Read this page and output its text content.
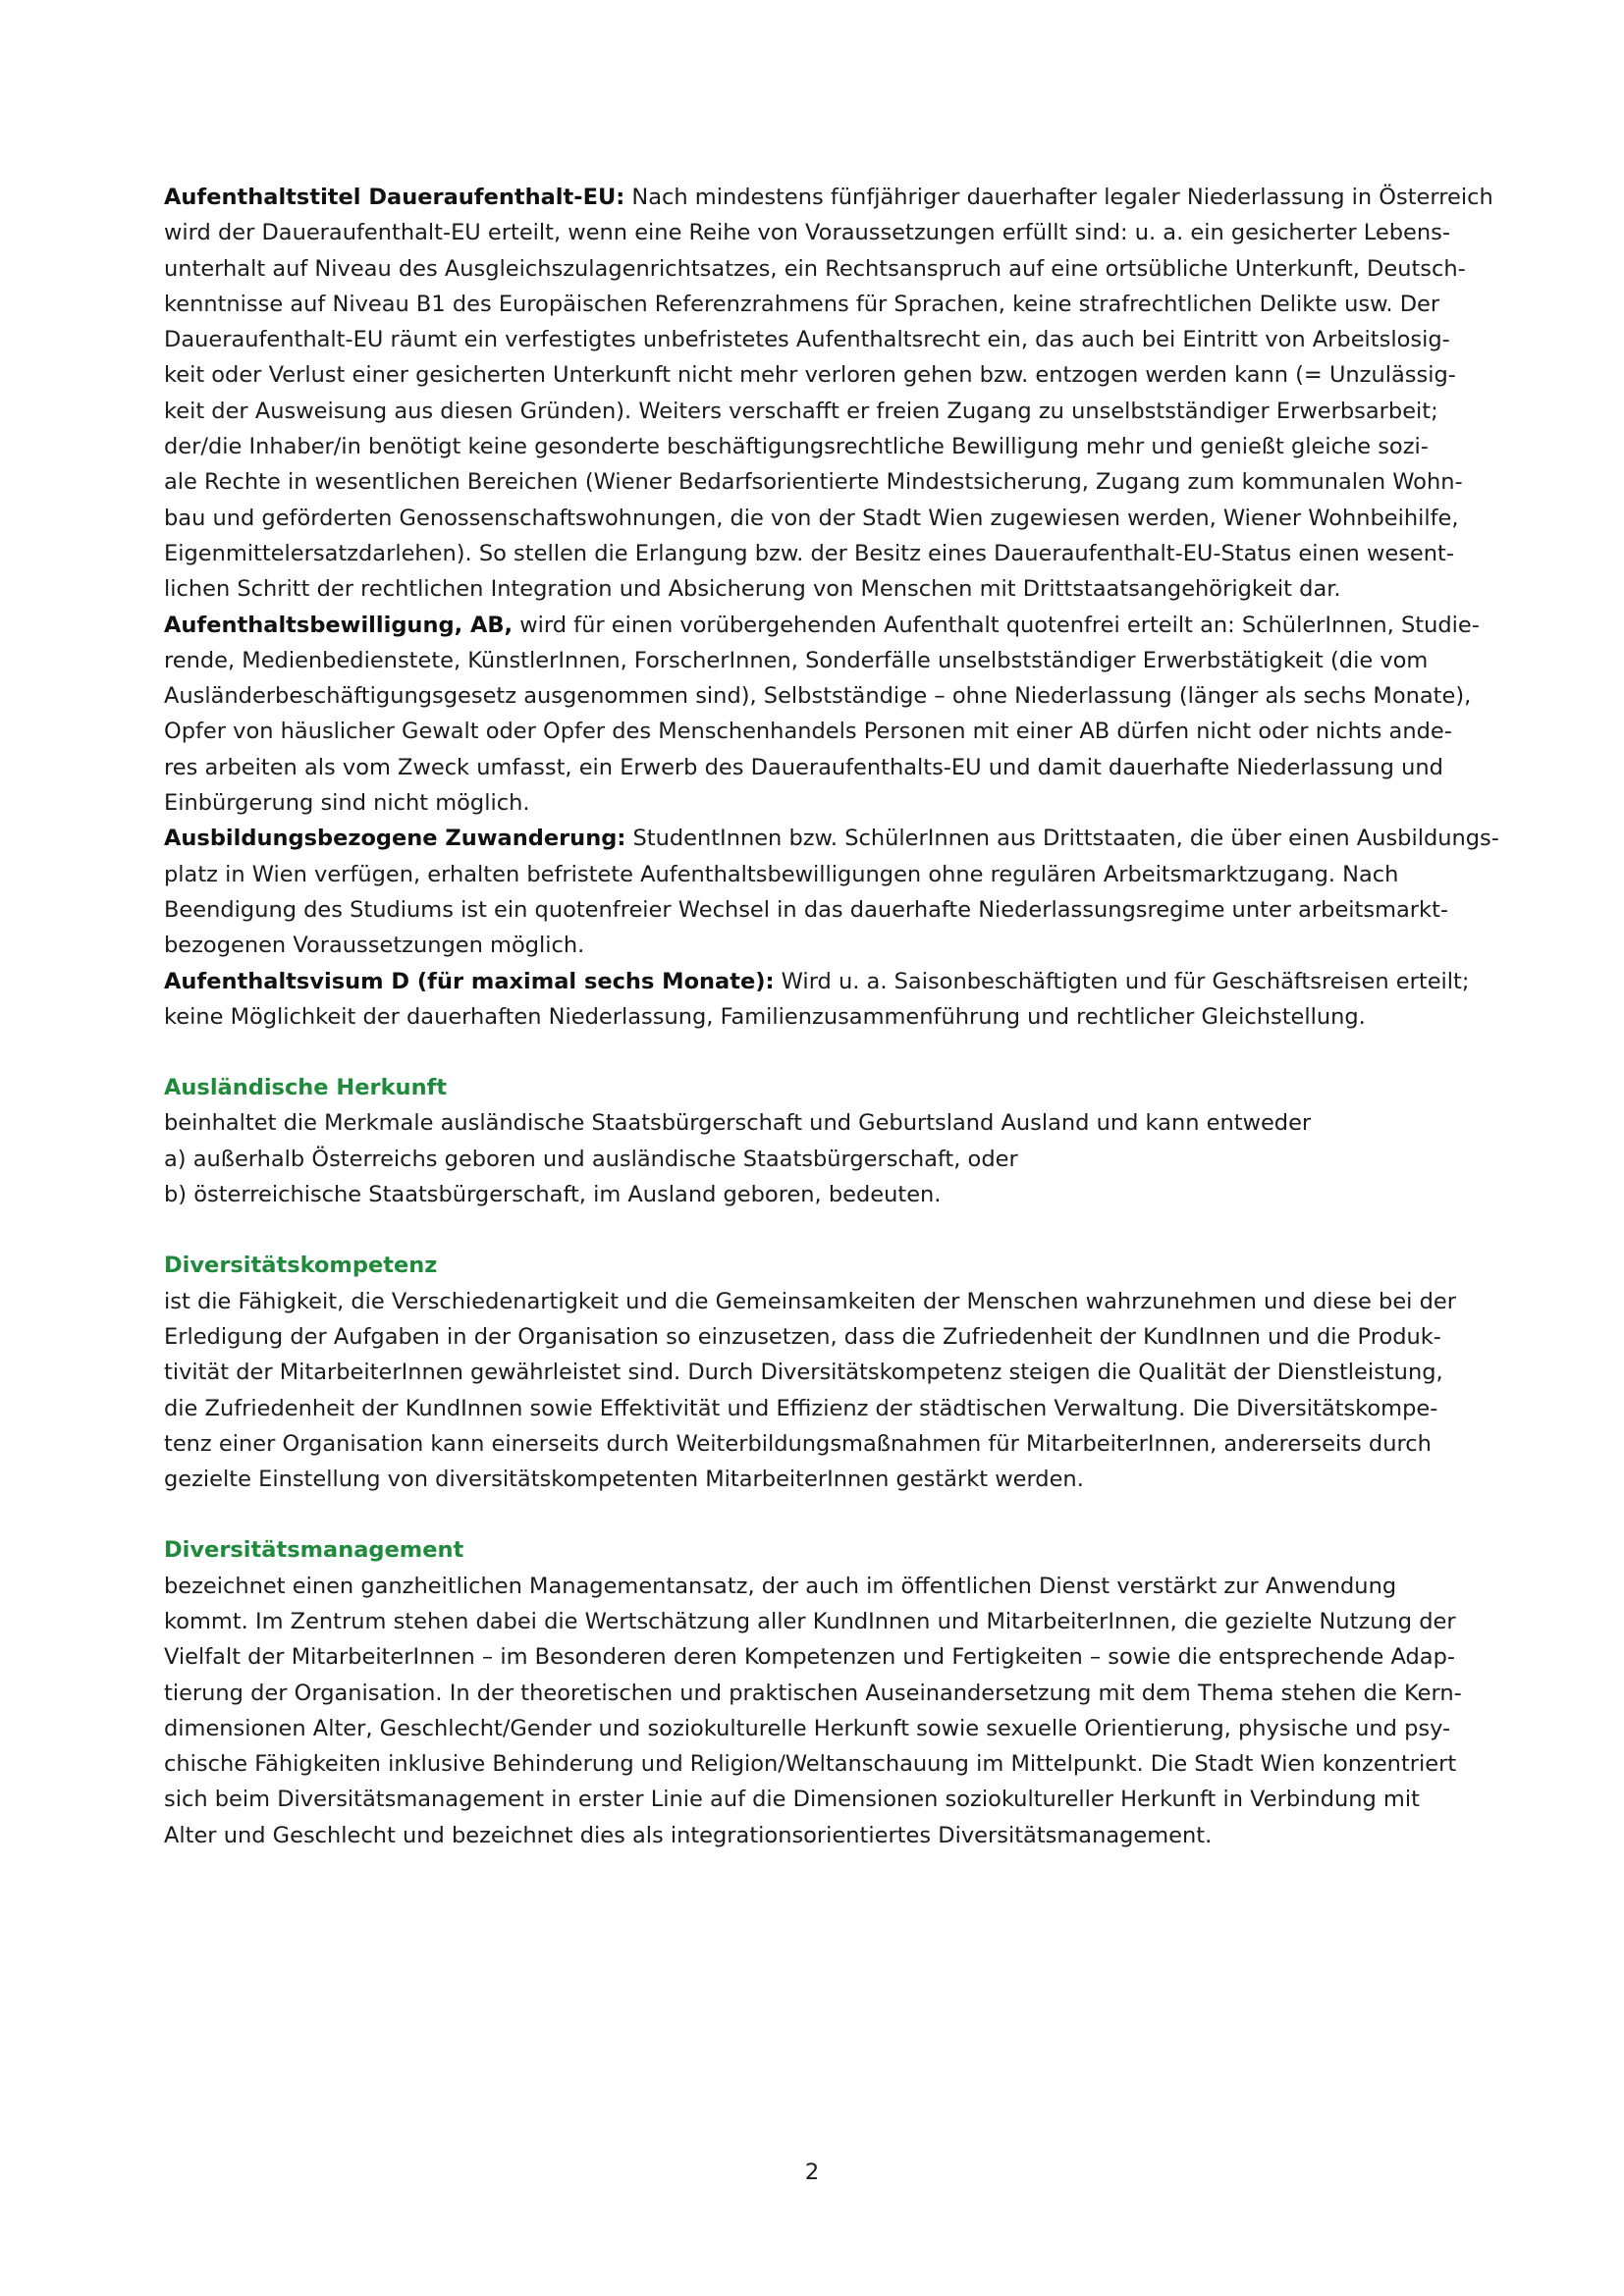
Aufenthaltstitel Daueraufenthalt-EU: Nach mindestens fünfjähriger dauerhafter legaler Niederlassung in Österreich
wird der Daueraufenthalt-EU erteilt, wenn eine Reihe von Voraussetzungen erfüllt sind: u. a. ein gesicherter Lebens-
unterhalt auf Niveau des Ausgleichszulagenrichtsatzes, ein Rechtsanspruch auf eine ortsübliche Unterkunft, Deutsch-
kenntnisse auf Niveau B1 des Europäischen Referenzrahmens für Sprachen, keine strafrechtlichen Delikte usw. Der
Daueraufenthalt-EU räumt ein verfestigtes unbefristetes Aufenthaltsrecht ein, das auch bei Eintritt von Arbeitslosig-
keit oder Verlust einer gesicherten Unterkunft nicht mehr verloren gehen bzw. entzogen werden kann (= Unzulässig-
keit der Ausweisung aus diesen Gründen). Weiters verschafft er freien Zugang zu unselbstständiger Erwerbsarbeit;
der/die Inhaber/in benötigt keine gesonderte beschäftigungsrechtliche Bewilligung mehr und genießt gleiche sozi-
ale Rechte in wesentlichen Bereichen (Wiener Bedarfsorientierte Mindestsicherung, Zugang zum kommunalen Wohn-
bau und geförderten Genossenschaftswohnungen, die von der Stadt Wien zugewiesen werden, Wiener Wohnbeihilfe,
Eigenmittelersatzdarlehen). So stellen die Erlangung bzw. der Besitz eines Daueraufenthalt-EU-Status einen wesent-
lichen Schritt der rechtlichen Integration und Absicherung von Menschen mit Drittstaatsangehörigkeit dar.
Aufenthaltsbewilligung, AB, wird für einen vorübergehenden Aufenthalt quotenfrei erteilt an: SchülerInnen, Studie-
rende, Medienbedienstete, KünstlerInnen, ForscherInnen, Sonderfälle unselbstständiger Erwerbstätigkeit (die vom
Ausländerbeschäftigungsgesetz ausgenommen sind), Selbstständige – ohne Niederlassung (länger als sechs Monate),
Opfer von häuslicher Gewalt oder Opfer des Menschenhandels Personen mit einer AB dürfen nicht oder nichts ande-
res arbeiten als vom Zweck umfasst, ein Erwerb des Daueraufenthalts-EU und damit dauerhafte Niederlassung und
Einbürgerung sind nicht möglich.
Ausbildungsbezogene Zuwanderung: StudentInnen bzw. SchülerInnen aus Drittstaaten, die über einen Ausbildungs-
platz in Wien verfügen, erhalten befristete Aufenthaltsbewilligungen ohne regulären Arbeitsmarktzugang. Nach
Beendigung des Studiums ist ein quotenfreier Wechsel in das dauerhafte Niederlassungsregime unter arbeitsmarkt-
bezogenen Voraussetzungen möglich.
Aufenthaltsvisum D (für maximal sechs Monate): Wird u. a. Saisonbeschäftigten und für Geschäftsreisen erteilt;
keine Möglichkeit der dauerhaften Niederlassung, Familienzusammenführung und rechtlicher Gleichstellung.
Ausländische Herkunft
beinhaltet die Merkmale ausländische Staatsbürgerschaft und Geburtsland Ausland und kann entweder
a) außerhalb Österreichs geboren und ausländische Staatsbürgerschaft, oder
b) österreichische Staatsbürgerschaft, im Ausland geboren, bedeuten.
Diversitätskompetenz
ist die Fähigkeit, die Verschiedenartigkeit und die Gemeinsamkeiten der Menschen wahrzunehmen und diese bei der
Erledigung der Aufgaben in der Organisation so einzusetzen, dass die Zufriedenheit der KundInnen und die Produk-
tivität der MitarbeiterInnen gewährleistet sind. Durch Diversitätskompetenz steigen die Qualität der Dienstleistung,
die Zufriedenheit der KundInnen sowie Effektivität und Effizienz der städtischen Verwaltung. Die Diversitätskompe-
tenz einer Organisation kann einerseits durch Weiterbildungsmaßnahmen für MitarbeiterInnen, andererseits durch
gezielte Einstellung von diversitätskompetenten MitarbeiterInnen gestärkt werden.
Diversitätsmanagement
bezeichnet einen ganzheitlichen Managementansatz, der auch im öffentlichen Dienst verstärkt zur Anwendung
kommt. Im Zentrum stehen dabei die Wertschätzung aller KundInnen und MitarbeiterInnen, die gezielte Nutzung der
Vielfalt der MitarbeiterInnen – im Besonderen deren Kompetenzen und Fertigkeiten – sowie die entsprechende Adap-
tierung der Organisation. In der theoretischen und praktischen Auseinandersetzung mit dem Thema stehen die Kern-
dimensionen Alter, Geschlecht/Gender und soziokulturelle Herkunft sowie sexuelle Orientierung, physische und psy-
chische Fähigkeiten inklusive Behinderung und Religion/Weltanschauung im Mittelpunkt. Die Stadt Wien konzentriert
sich beim Diversitätsmanagement in erster Linie auf die Dimensionen soziokultureller Herkunft in Verbindung mit
Alter und Geschlecht und bezeichnet dies als integrationsorientiertes Diversitätsmanagement.
2
